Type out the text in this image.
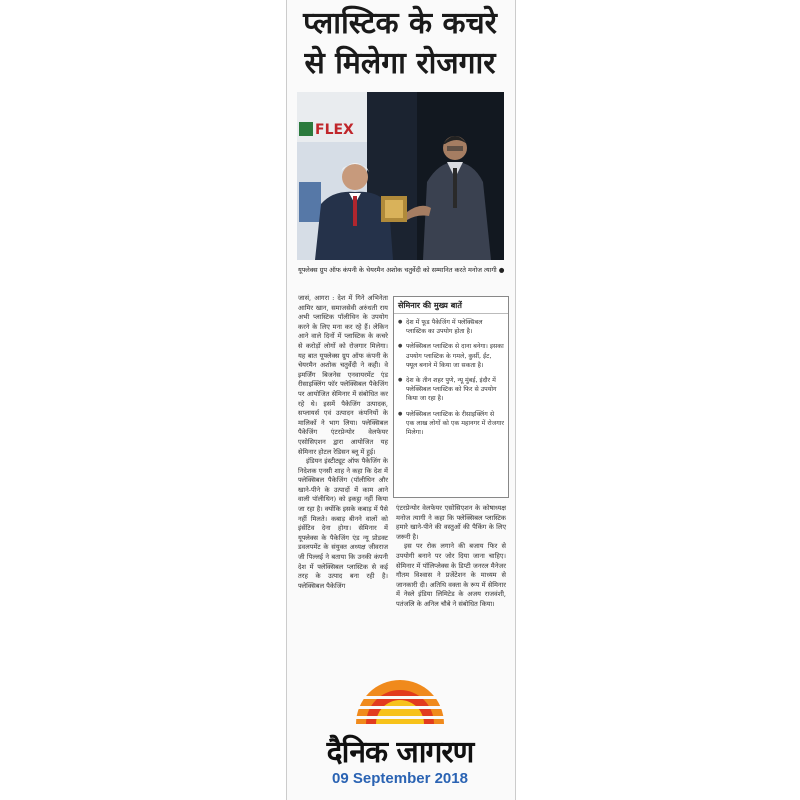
प्लास्टिक के कचरे
से मिलेगा रोजगार
FLEX
यूफ्लेक्स ग्रुप ऑफ कंपनी के चेयरमैन अशोक चतुर्वेदी को सम्मानित करते मनोज त्यागी ●

जासं, आगरा : देश में गिने अभिनेता आमिर खान, समाजसेवी अरुंधती राय अभी प्लास्टिक पॉलीथिन के उपयोग करने के लिए मना कर रहे हैं। लेकिन आने वाले दिनों में प्लास्टिक के कचरे से करोड़ों लोगों को रोजगार मिलेगा। यह बात यूफ्लेक्स ग्रुप ऑफ कंपनी के चेयरमैन अशोक चतुर्वेदी ने कही। वे इमर्जिंग बिजनेस एनवायरमेंट एंड रीसाइक्लिंग फॉर फ्लेक्सिबल पैकेजिंग पर आयोजित सेमिनार में संबोधित कर रहे थे। इसमें पैकेजिंग उत्पादक, सप्लायर्स एवं उत्पादन कंपनियों के मालिकों ने भाग लिया। फ्लेक्सिबल पैकेजिंग एंटरप्रेन्योर वेलफेयर एसोसिएशन द्वारा आयोजित यह सेमिनार होटल रेडिसन ब्लू में हुई।

इंडियन इंस्टीट्यूट ऑफ पैकेजिंग के निदेशक एनसी शाह ने कहा कि देश में फ्लेक्सिबल पैकेजिंग (पॉलीथिन और खाने-पीने के उत्पादों में काम आने वाली पॉलीथिन) को इकट्ठा नहीं किया जा रहा है। क्योंकि इसके कबाड़ में पैसे नहीं मिलते। कबाड़ बीनने वालों को इंसेंटिव देना होगा। सेमिनार में यूफ्लेक्स के पैकेजिंग एंड न्यू प्रोडक्ट डवलपमेंट के संयुक्त अध्यक्ष जीवराज जी पिल्लई ने बताया कि उनकी कंपनी देश में फ्लेक्सिबल प्लास्टिक से कई तरह के उत्पाद बना रही है। फ्लेक्सिबल पैकेजिंग

सेमिनार की मुख्य बातें
● देश में फूड पैकेजिंग में फ्लेक्सिबल प्लास्टिक का उपयोग होता है।
● फ्लेक्सिबल प्लास्टिक से दाना बनेगा। इसका उपयोग प्लास्टिक के गमले, कुर्सी, ईंट, फ्यूल बनाने में किया जा सकता है।
● देश के तीन शहर पुणे, न्यू मुंबई, इंदौर में फ्लेक्सिबल प्लास्टिक को फिर से उपयोग किया जा रहा है।
● फ्लेक्सिबल प्लास्टिक के रीसाइक्लिंग से एक लाख लोगों को एक महानगर में रोजगार मिलेगा।

एंटरप्रेन्योर वेलफेयर एसोसिएशन के कोषाध्यक्ष मनोज त्यागी ने कहा कि फ्लेक्सिबल प्लास्टिक हमारे खाने-पीने की वस्तुओं की पैकिंग के लिए जरूरी है।

इस पर रोक लगाने की बजाय फिर से उपयोगी बनाने पर जोर दिया जाना चाहिए। सेमिनार में पॉलिप्लेक्स के डिप्टी जनरल मैनेजर गौतम विश्वास ने प्रजेंटेशन के माध्यम से जानकारी दी। अतिथि वक्ता के रूप में सेमिनार में नेस्ले इंडिया लिमिटेड के अजय राजवंशी, पतंजलि के अनिल चौबे ने संबोधित किया।

दैनिक जागरण
09 September 2018
